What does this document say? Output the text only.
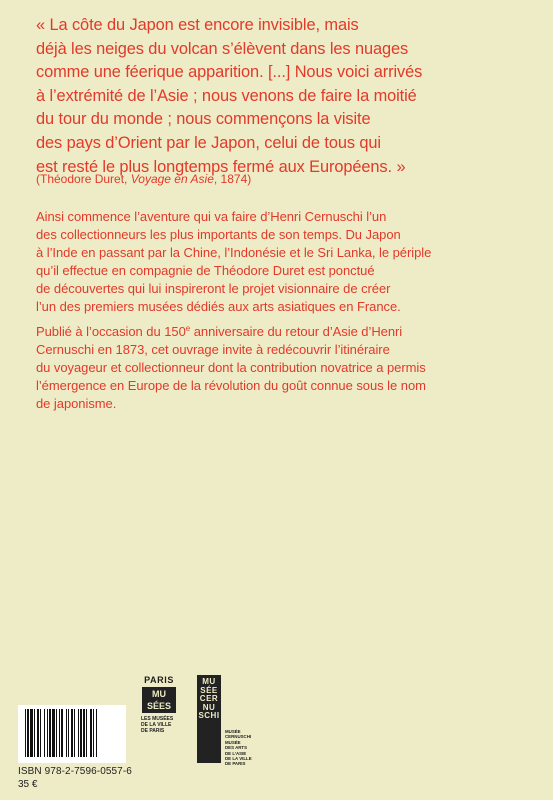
« La côte du Japon est encore invisible, mais
déjà les neiges du volcan s’élèvent dans les nuages
comme une féerique apparition. [...] Nous voici arrivés
à l’extrémité de l’Asie ; nous venons de faire la moitié
du tour du monde ; nous commençons la visite
des pays d’Orient par le Japon, celui de tous qui
est resté le plus longtemps fermé aux Européens. »
(Théodore Duret, Voyage en Asie, 1874)
Ainsi commence l’aventure qui va faire d’Henri Cernuschi l’un
des collectionneurs les plus importants de son temps. Du Japon
à l’Inde en passant par la Chine, l’Indonésie et le Sri Lanka, le périple
qu’il effectue en compagnie de Théodore Duret est ponctué
de découvertes qui lui inspireront le projet visionnaire de créer
l’un des premiers musées dédiés aux arts asiatiques en France.
Publié à l’occasion du 150e anniversaire du retour d’Asie d’Henri
Cernuschi en 1873, cet ouvrage invite à redécouvrir l’itinéraire
du voyageur et collectionneur dont la contribution novatrice a permis
l’émergence en Europe de la révolution du goût connue sous le nom
de japonisme.
ISBN 978-2-7596-0557-6
35 €
PARIS
MU
SÉES
LES MUSÉES
DE LA VILLE
DE PARIS
MU
SÉE
CER
NU
SCHI
MUSÉE
CERNUSCHI
MUSÉE
DES ARTS
DE L’ASIE
DE LA VILLE
DE PARIS
